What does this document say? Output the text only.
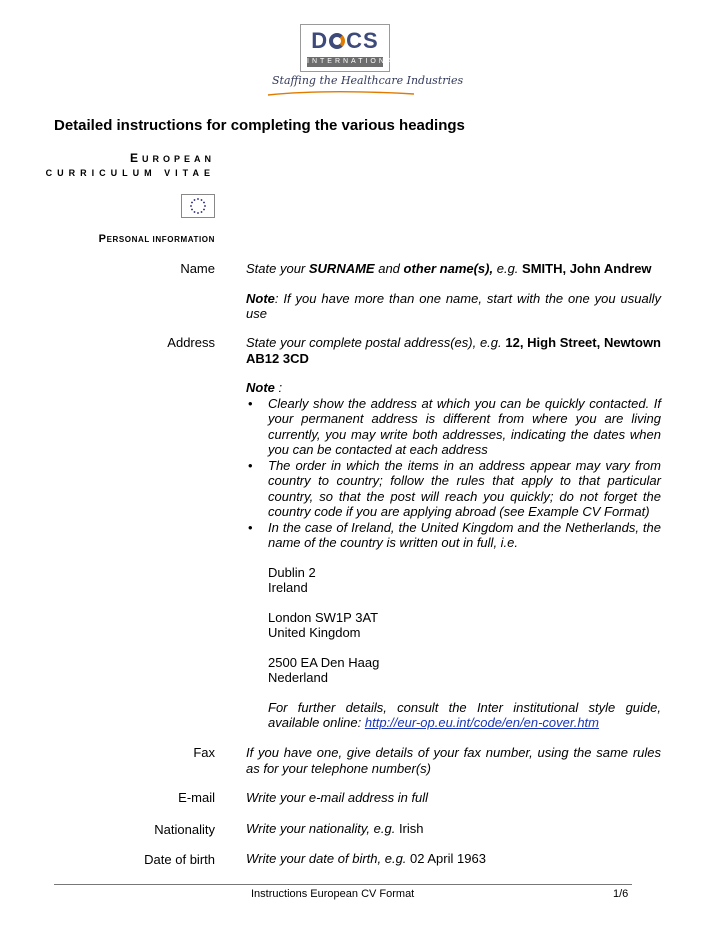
D CS
INTERNATIONAL
Staffing the Healthcare Industries
Detailed instructions for completing the various headings
EUROPEAN
CURRICULUM VITAE
PERSONAL INFORMATION
Name State your SURNAME and other name(s), e.g. SMITH, John Andrew
Note: If you have more than one name, start with the one you usually use
Address State your complete postal address(es), e.g. 12, High Street, Newtown AB12 3CD
Note :
• Clearly show the address at which you can be quickly contacted. If your permanent address is different from where you are living currently, you may write both addresses, indicating the dates when you can be contacted at each address
• The order in which the items in an address appear may vary from country to country; follow the rules that apply to that particular country, so that the post will reach you quickly; do not forget the country code if you are applying abroad (see Example CV Format)
• In the case of Ireland, the United Kingdom and the Netherlands, the name of the country is written out in full, i.e.
Dublin 2
Ireland
London SW1P 3AT
United Kingdom
2500 EA Den Haag
Nederland
For further details, consult the Inter institutional style guide, available online: http://eur-op.eu.int/code/en/en-cover.htm
Fax If you have one, give details of your fax number, using the same rules as for your telephone number(s)
E-mail Write your e-mail address in full
Nationality Write your nationality, e.g. Irish
Date of birth Write your date of birth, e.g. 02 April 1963
Instructions European CV Format	1/6
